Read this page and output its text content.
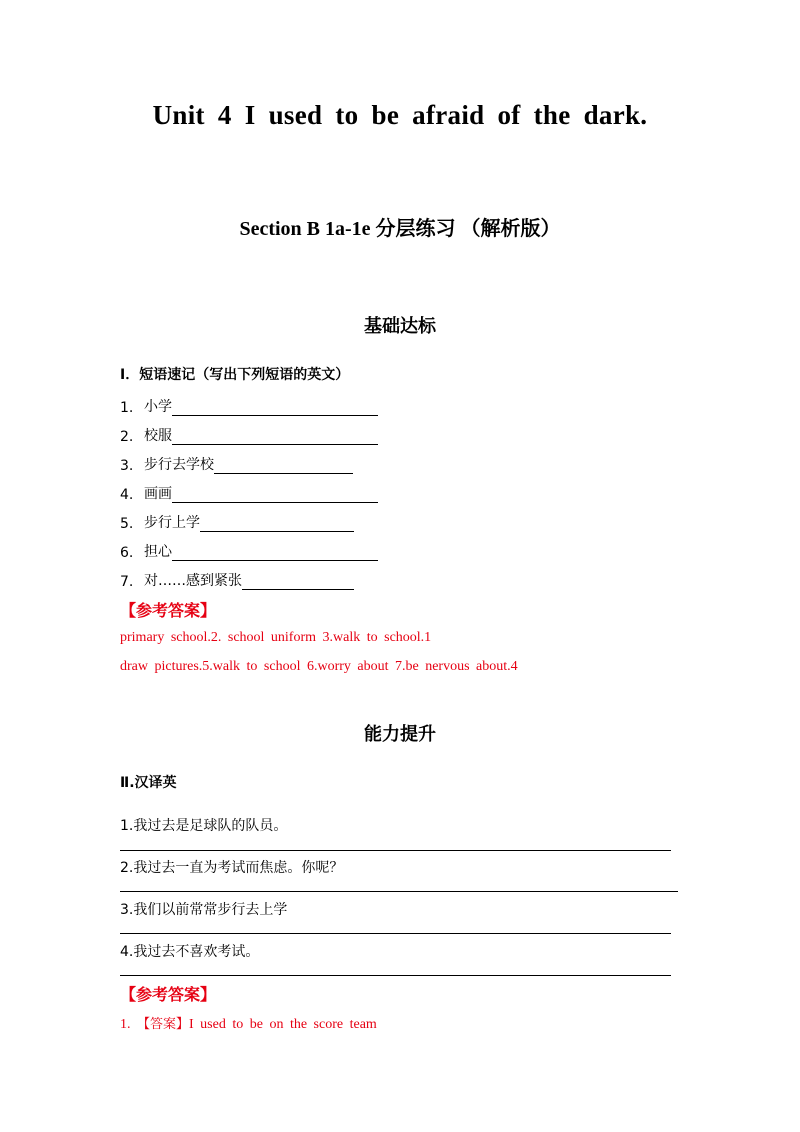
Unit 4 I used to be afraid of the dark.
Section B 1a-1e 分层练习 （解析版）
基础达标
Ⅰ．短语速记（写出下列短语的英文）
1. 小学
2. 校服
3. 步行去学校
4. 画画
5. 步行上学
6. 担心
7. 对……感到紧张
【参考答案】
primary school.2. school uniform 3.walk to school.1
draw pictures.5.walk to school 6.worry about 7.be nervous about.4
能力提升
Ⅱ.汉译英
1.我过去是足球队的队员。
2.我过去一直为考试而焦虑。你呢？
3.我们以前常常步行去上学
4.我过去不喜欢考试。
【参考答案】
1. 【答案】I used to be on the score team
